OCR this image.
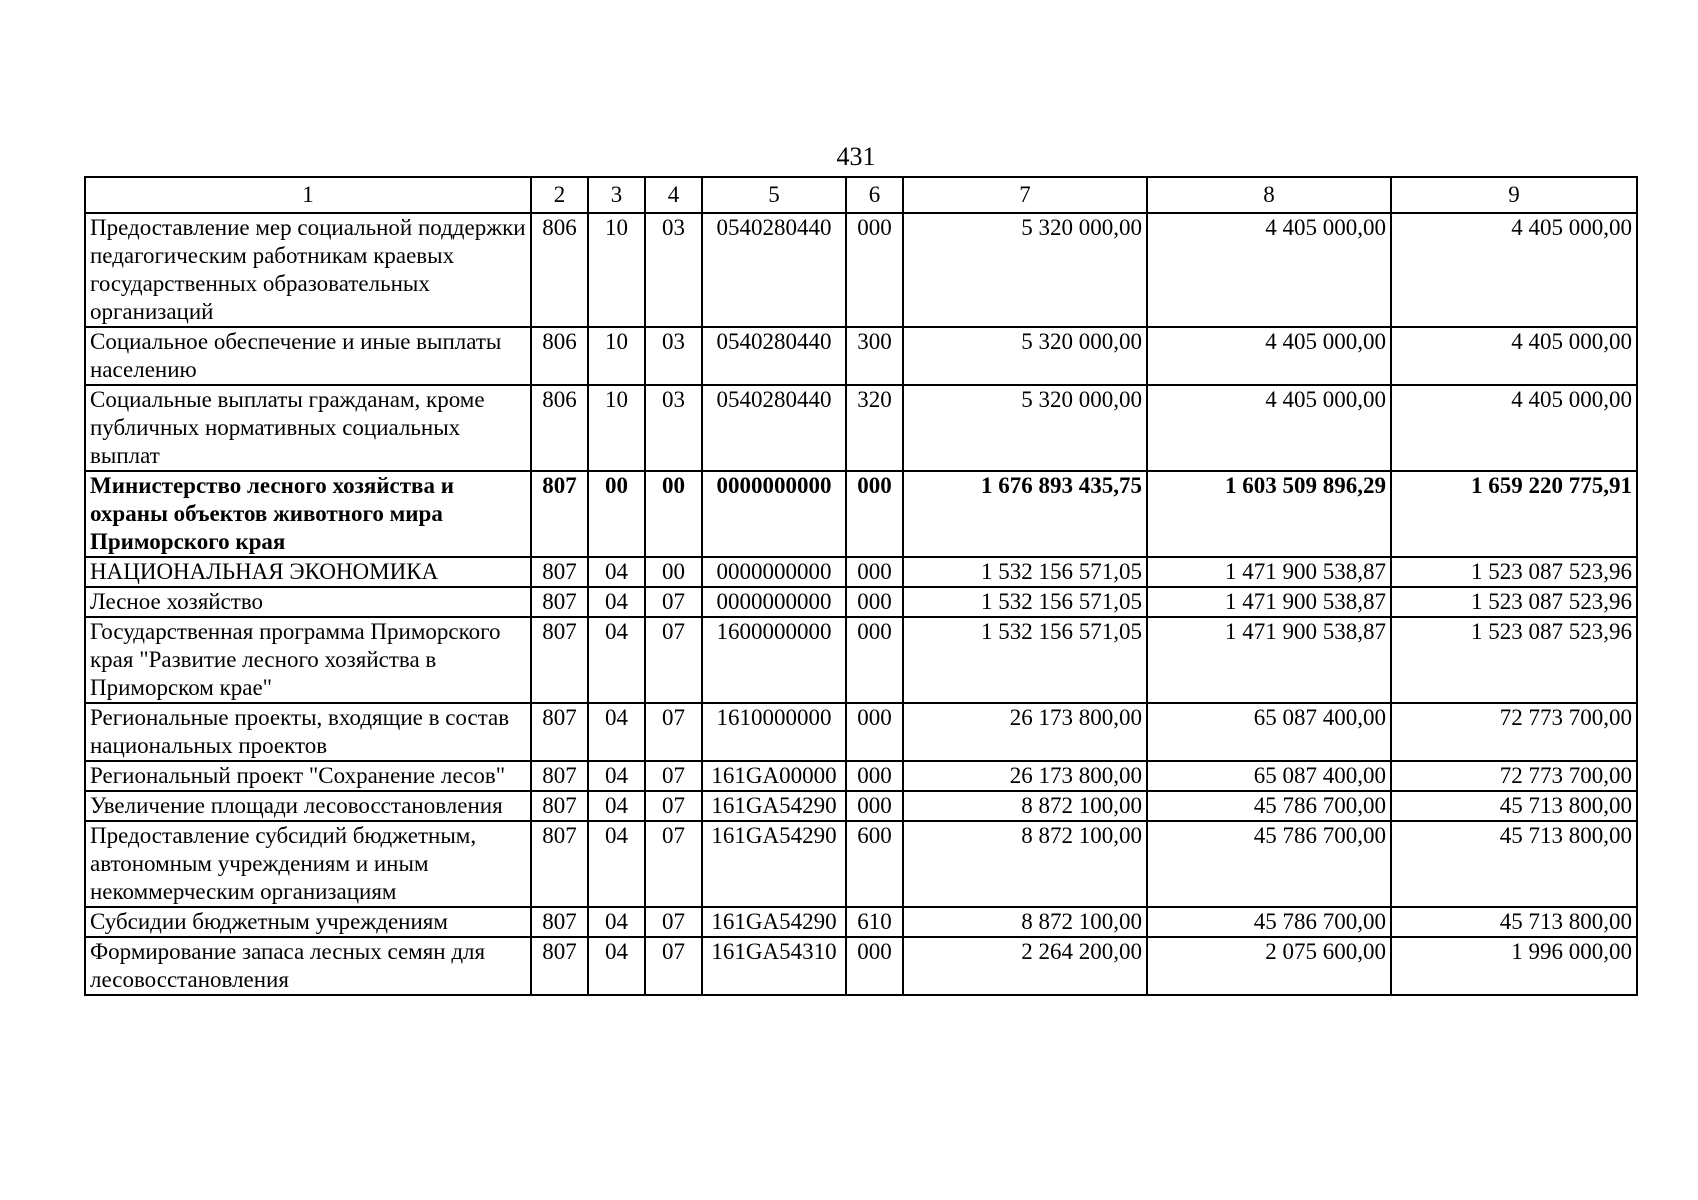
431
1	2	3	4	5	6	7	8	9
Предоставление мер социальной поддержки педагогическим работникам краевых государственных образовательных организаций	806	10	03	0540280440	000	5 320 000,00	4 405 000,00	4 405 000,00
Социальное обеспечение и иные выплаты населению	806	10	03	0540280440	300	5 320 000,00	4 405 000,00	4 405 000,00
Социальные выплаты гражданам, кроме публичных нормативных социальных выплат	806	10	03	0540280440	320	5 320 000,00	4 405 000,00	4 405 000,00
Министерство лесного хозяйства и охраны объектов животного мира Приморского края	807	00	00	0000000000	000	1 676 893 435,75	1 603 509 896,29	1 659 220 775,91
НАЦИОНАЛЬНАЯ ЭКОНОМИКА	807	04	00	0000000000	000	1 532 156 571,05	1 471 900 538,87	1 523 087 523,96
Лесное хозяйство	807	04	07	0000000000	000	1 532 156 571,05	1 471 900 538,87	1 523 087 523,96
Государственная программа Приморского края "Развитие лесного хозяйства в Приморском крае"	807	04	07	1600000000	000	1 532 156 571,05	1 471 900 538,87	1 523 087 523,96
Региональные проекты, входящие в состав национальных проектов	807	04	07	1610000000	000	26 173 800,00	65 087 400,00	72 773 700,00
Региональный проект "Сохранение лесов"	807	04	07	161GA00000	000	26 173 800,00	65 087 400,00	72 773 700,00
Увеличение площади лесовосстановления	807	04	07	161GA54290	000	8 872 100,00	45 786 700,00	45 713 800,00
Предоставление субсидий бюджетным, автономным учреждениям и иным некоммерческим организациям	807	04	07	161GA54290	600	8 872 100,00	45 786 700,00	45 713 800,00
Субсидии бюджетным учреждениям	807	04	07	161GA54290	610	8 872 100,00	45 786 700,00	45 713 800,00
Формирование запаса лесных семян для лесовосстановления	807	04	07	161GA54310	000	2 264 200,00	2 075 600,00	1 996 000,00
